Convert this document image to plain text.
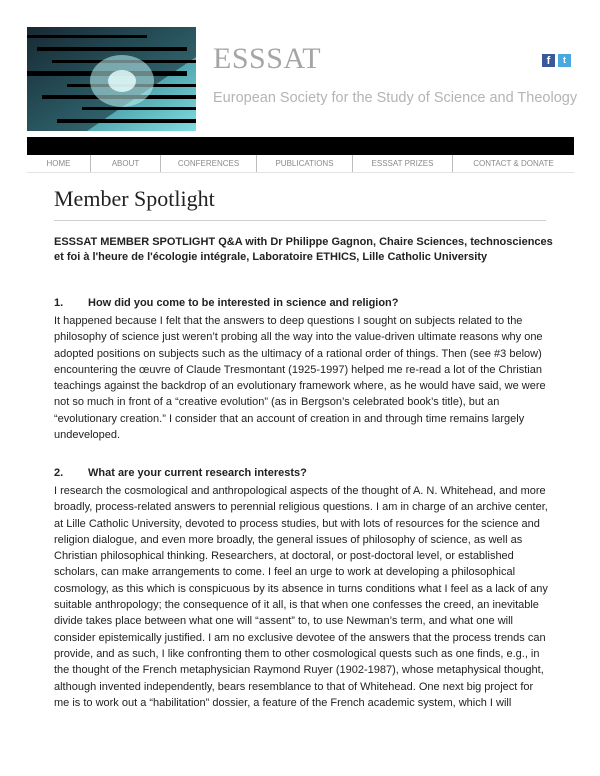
ESSSAT
European Society for the Study of Science and Theology
f	t
HOME	ABOUT	CONFERENCES	PUBLICATIONS	ESSSAT PRIZES	CONTACT & DONATE
Member Spotlight

ESSSAT MEMBER SPOTLIGHT Q&A with Dr Philippe Gagnon, Chaire Sciences, technosciences et foi à l'heure de l'écologie intégrale, Laboratoire ETHICS, Lille Catholic University

1. How did you come to be interested in science and religion?

It happened because I felt that the answers to deep questions I sought on subjects related to the philosophy of science just weren’t probing all the way into the value-driven ultimate reasons why one adopted positions on subjects such as the ultimacy of a rational order of things. Then (see #3 below) encountering the œuvre of Claude Tresmontant (1925-1997) helped me re-read a lot of the Christian teachings against the backdrop of an evolutionary framework where, as he would have said, we were not so much in front of a “creative evolution” (as in Bergson’s celebrated book’s title), but an “evolutionary creation.” I consider that an account of creation in and through time remains largely undeveloped.

2. What are your current research interests?

I research the cosmological and anthropological aspects of the thought of A. N. Whitehead, and more broadly, process-related answers to perennial religious questions. I am in charge of an archive center, at Lille Catholic University, devoted to process studies, but with lots of resources for the science and religion dialogue, and even more broadly, the general issues of philosophy of science, as well as Christian philosophical thinking. Researchers, at doctoral, or post-doctoral level, or established scholars, can make arrangements to come. I feel an urge to work at developing a philosophical cosmology, as this which is conspicuous by its absence in turns conditions what I feel as a lack of any suitable anthropology; the consequence of it all, is that when one confesses the creed, an inevitable divide takes place between what one will “assent” to, to use Newman’s term, and what one will consider epistemically justified. I am no exclusive devotee of the answers that the process trends can provide, and as such, I like confronting them to other cosmological quests such as one finds, e.g., in the thought of the French metaphysician Raymond Ruyer (1902-1987), whose metaphysical thought, although invented independently, bears resemblance to that of Whitehead. One next big project for me is to work out a “habilitation” dossier, a feature of the French academic system, which I will
